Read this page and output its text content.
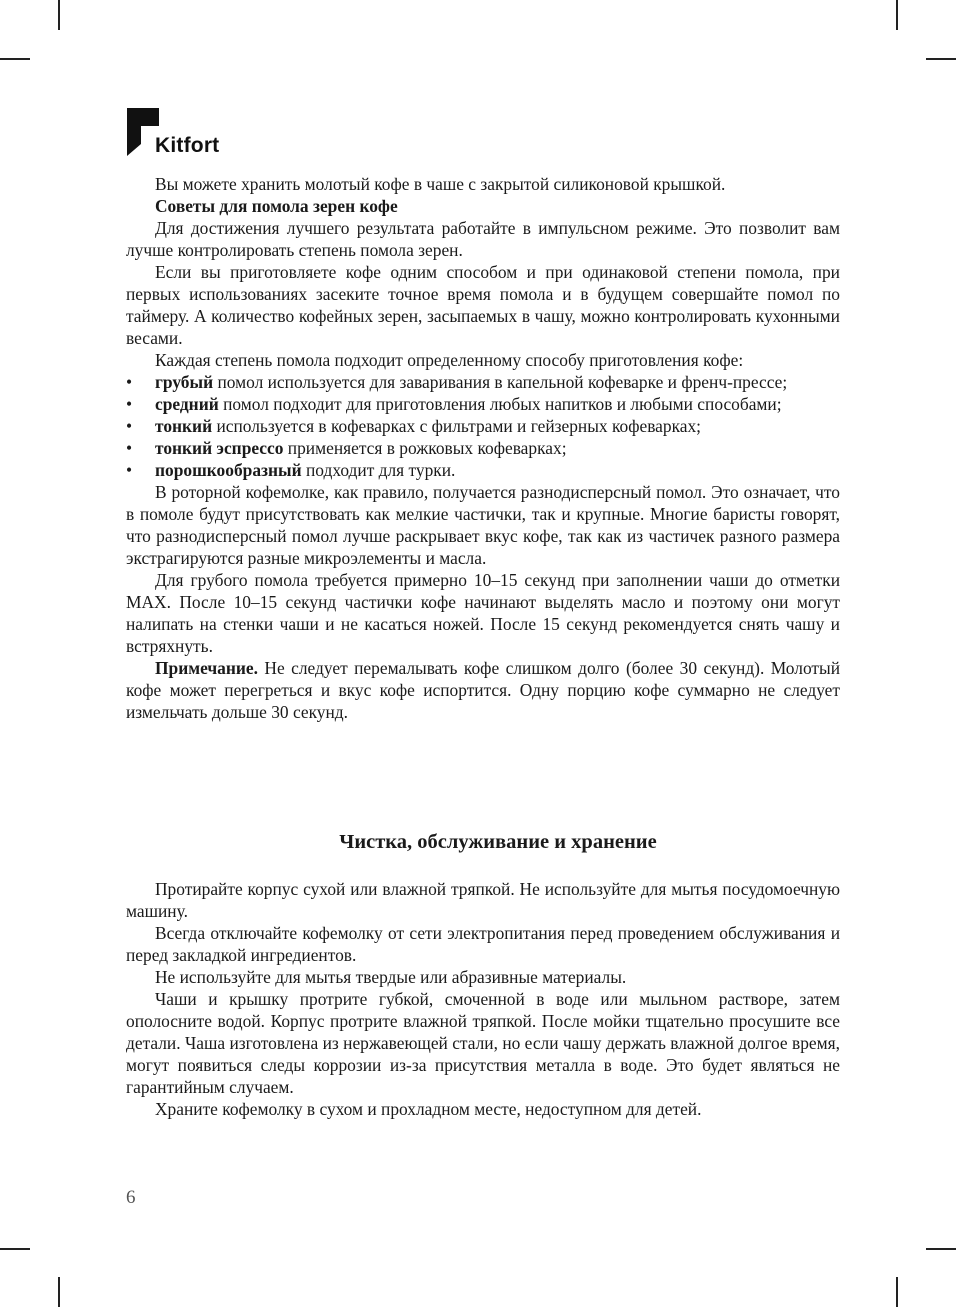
Kitfort

Вы можете хранить молотый кофе в чаше с закрытой силиконовой крышкой.

Советы для помола зерен кофе

Для достижения лучшего результата работайте в импульсном режиме. Это позволит вам лучше контролировать степень помола зерен.

Если вы приготовляете кофе одним способом и при одинаковой степени помола, при первых использованиях засеките точное время помола и в будущем совершайте помол по таймеру. А количество кофейных зерен, засыпаемых в чашу, можно контролировать кухонными весами.

Каждая степень помола подходит определенному способу приготовления кофе:

• грубый помол используется для заваривания в капельной кофеварке и френч-прессе;
• средний помол подходит для приготовления любых напитков и любыми способами;
• тонкий используется в кофеварках с фильтрами и гейзерных кофеварках;
• тонкий эспрессо применяется в рожковых кофеварках;
• порошкообразный подходит для турки.

В роторной кофемолке, как правило, получается разнодисперсный помол. Это означает, что в помоле будут присутствовать как мелкие частички, так и крупные. Многие баристы говорят, что разнодисперсный помол лучше раскрывает вкус кофе, так как из частичек разного размера экстрагируются разные микроэлементы и масла.

Для грубого помола требуется примерно 10–15 секунд при заполнении чаши до отметки MAX. После 10–15 секунд частички кофе начинают выделять масло и поэтому они могут налипать на стенки чаши и не касаться ножей. После 15 секунд рекомендуется снять чашу и встряхнуть.

Примечание. Не следует перемалывать кофе слишком долго (более 30 секунд). Молотый кофе может перегреться и вкус кофе испортится. Одну порцию кофе суммарно не следует измельчать дольше 30 секунд.

Чистка, обслуживание и хранение

Протирайте корпус сухой или влажной тряпкой. Не используйте для мытья посудомоечную машину.

Всегда отключайте кофемолку от сети электропитания перед проведением обслуживания и перед закладкой ингредиентов.

Не используйте для мытья твердые или абразивные материалы.

Чаши и крышку протрите губкой, смоченной в воде или мыльном растворе, затем ополосните водой. Корпус протрите влажной тряпкой. После мойки тщательно просушите все детали. Чаша изготовлена из нержавеющей стали, но если чашу держать влажной долгое время, могут появиться следы коррозии из-за присутствия металла в воде. Это будет являться не гарантийным случаем.

Храните кофемолку в сухом и прохладном месте, недоступном для детей.

6
